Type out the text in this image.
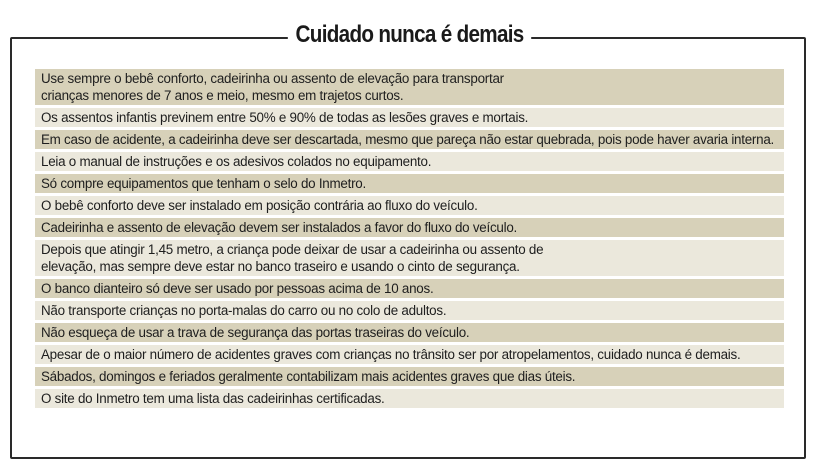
Cuidado nunca é demais
Use sempre o bebê conforto, cadeirinha ou assento de elevação para transportar
crianças menores de 7 anos e meio, mesmo em trajetos curtos.
Os assentos infantis previnem entre 50% e 90% de todas as lesões graves e mortais.
Em caso de acidente, a cadeirinha deve ser descartada, mesmo que pareça não estar quebrada, pois pode haver avaria interna.
Leia o manual de instruções e os adesivos colados no equipamento.
Só compre equipamentos que tenham o selo do Inmetro.
O bebê conforto deve ser instalado em posição contrária ao fluxo do veículo.
Cadeirinha e assento de elevação devem ser instalados a favor do fluxo do veículo.
Depois que atingir 1,45 metro, a criança pode deixar de usar a cadeirinha ou assento de
elevação, mas sempre deve estar no banco traseiro e usando o cinto de segurança.
O banco dianteiro só deve ser usado por pessoas acima de 10 anos.
Não transporte crianças no porta-malas do carro ou no colo de adultos.
Não esqueça de usar a trava de segurança das portas traseiras do veículo.
Apesar de o maior número de acidentes graves com crianças no trânsito ser por atropelamentos, cuidado nunca é demais.
Sábados, domingos e feriados geralmente contabilizam mais acidentes graves que dias úteis.
O site do Inmetro tem uma lista das cadeirinhas certificadas.
